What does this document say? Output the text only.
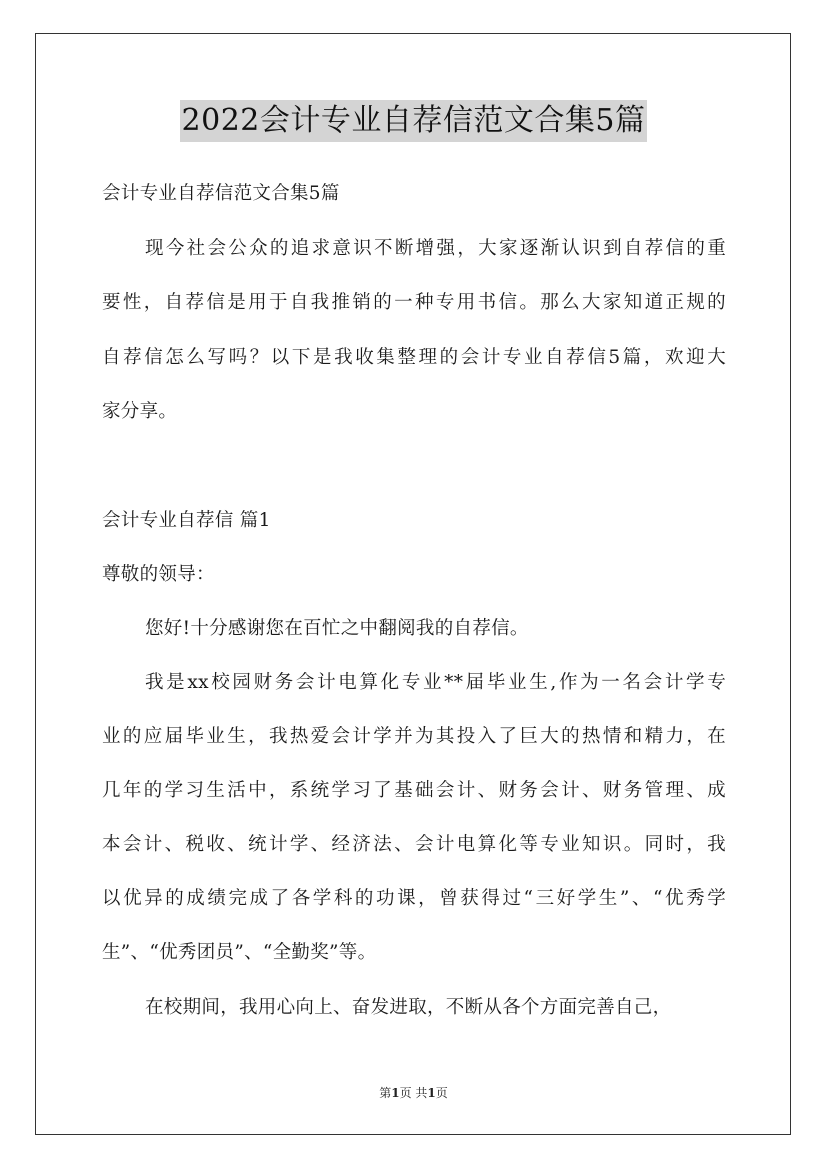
2022会计专业自荐信范文合集5篇
会计专业自荐信范文合集5篇
现今社会公众的追求意识不断增强，大家逐渐认识到自荐信的重
要性，自荐信是用于自我推销的一种专用书信。那么大家知道正规的
自荐信怎么写吗？以下是我收集整理的会计专业自荐信5篇，欢迎大
家分享。
会计专业自荐信 篇1
尊敬的领导：
您好!十分感谢您在百忙之中翻阅我的自荐信。
我是xx校园财务会计电算化专业**届毕业生,作为一名会计学专
业的应届毕业生，我热爱会计学并为其投入了巨大的热情和精力，在
几年的学习生活中，系统学习了基础会计、财务会计、财务管理、成
本会计、税收、统计学、经济法、会计电算化等专业知识。同时，我
以优异的成绩完成了各学科的功课，曾获得过“三好学生”、“优秀学
生”、“优秀团员”、“全勤奖”等。
在校期间，我用心向上、奋发进取，不断从各个方面完善自己，
第1页 共1页
